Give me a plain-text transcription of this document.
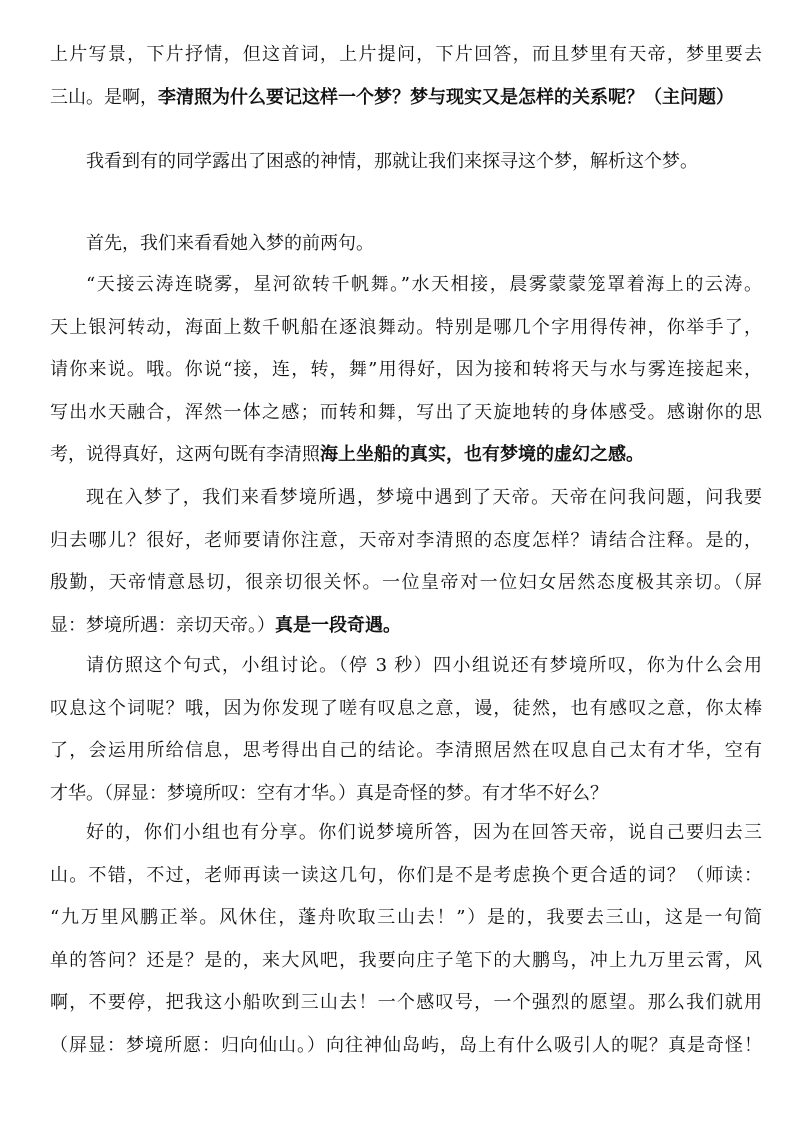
上片写景，下片抒情，但这首词，上片提问，下片回答，而且梦里有天帝，梦里要去
三山。是啊，李清照为什么要记这样一个梦？梦与现实又是怎样的关系呢？（主问题）

我看到有的同学露出了困惑的神情，那就让我们来探寻这个梦，解析这个梦。

首先，我们来看看她入梦的前两句。

“天接云涛连晓雾，星河欲转千帆舞。”水天相接，晨雾蒙蒙笼罩着海上的云涛。
天上银河转动，海面上数千帆船在逐浪舞动。特别是哪几个字用得传神，你举手了，
请你来说。哦。你说“接，连，转，舞”用得好，因为接和转将天与水与雾连接起来，
写出水天融合，浑然一体之感；而转和舞，写出了天旋地转的身体感受。感谢你的思
考，说得真好，这两句既有李清照海上坐船的真实，也有梦境的虚幻之感。
现在入梦了，我们来看梦境所遇，梦境中遇到了天帝。天帝在问我问题，问我要
归去哪儿？很好，老师要请你注意，天帝对李清照的态度怎样？请结合注释。是的，
殷勤，天帝情意恳切，很亲切很关怀。一位皇帝对一位妇女居然态度极其亲切。（屏
显：梦境所遇：亲切天帝。）真是一段奇遇。
请仿照这个句式，小组讨论。（停 3 秒）四小组说还有梦境所叹，你为什么会用
叹息这个词呢？哦，因为你发现了嗟有叹息之意，谩，徒然，也有感叹之意，你太棒
了，会运用所给信息，思考得出自己的结论。李清照居然在叹息自己太有才华，空有
才华。（屏显：梦境所叹：空有才华。）真是奇怪的梦。有才华不好么？
好的，你们小组也有分享。你们说梦境所答，因为在回答天帝，说自己要归去三
山。不错，不过，老师再读一读这几句，你们是不是考虑换个更合适的词？（师读：
“九万里风鹏正举。风休住，蓬舟吹取三山去！”）是的，我要去三山，这是一句简
单的答问？还是？是的，来大风吧，我要向庄子笔下的大鹏鸟，冲上九万里云霄，风
啊，不要停，把我这小船吹到三山去！一个感叹号，一个强烈的愿望。那么我们就用
（屏显：梦境所愿：归向仙山。）向往神仙岛屿，岛上有什么吸引人的呢？真是奇怪！
